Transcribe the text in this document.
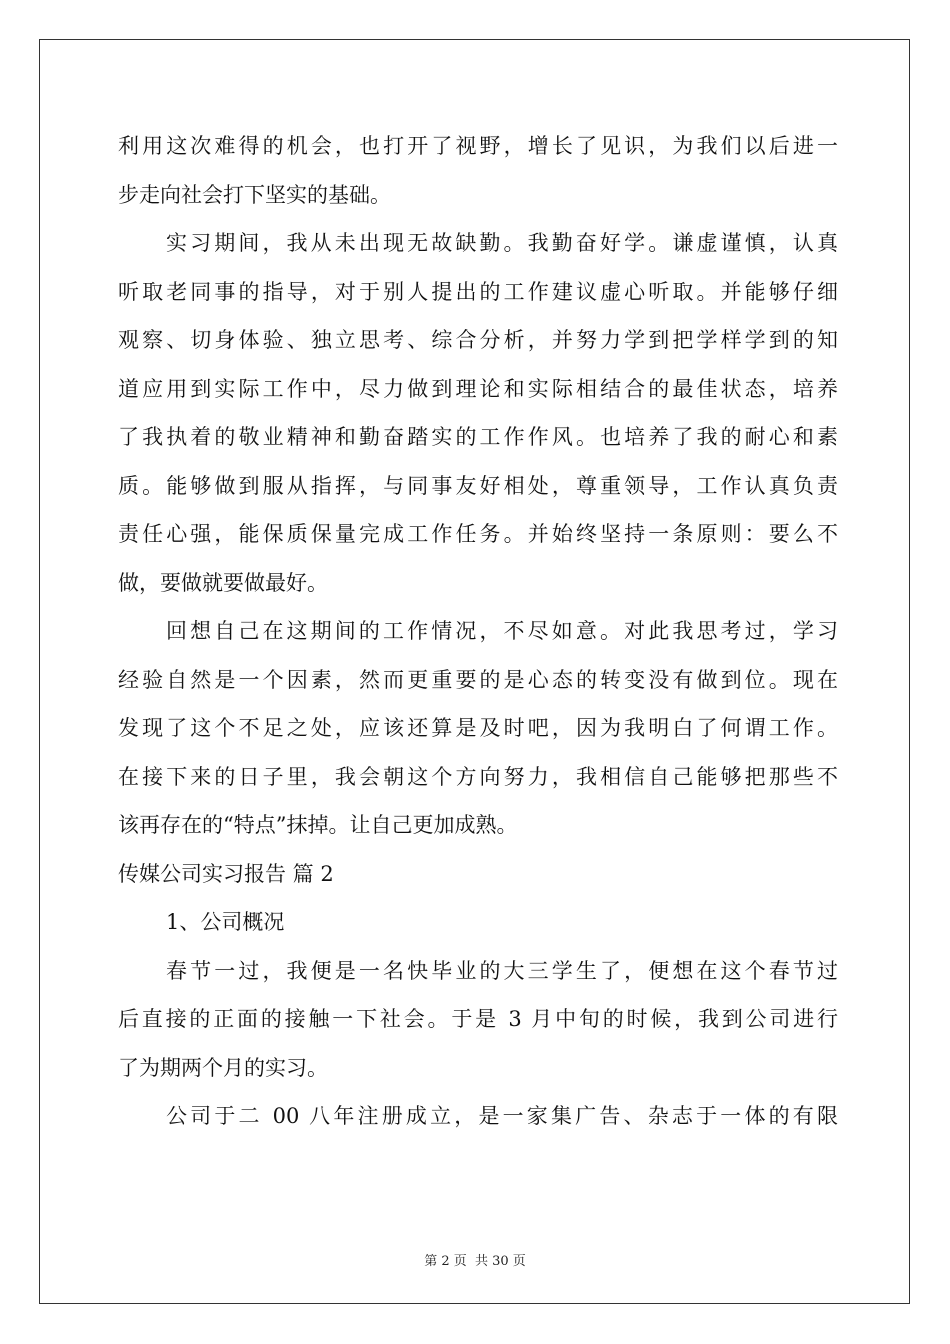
利用这次难得的机会，也打开了视野，增长了见识，为我们以后进一
步走向社会打下坚实的基础。
实习期间，我从未出现无故缺勤。我勤奋好学。谦虚谨慎，认真
听取老同事的指导，对于别人提出的工作建议虚心听取。并能够仔细
观察、切身体验、独立思考、综合分析，并努力学到把学样学到的知
道应用到实际工作中，尽力做到理论和实际相结合的最佳状态，培养
了我执着的敬业精神和勤奋踏实的工作作风。也培养了我的耐心和素
质。能够做到服从指挥，与同事友好相处，尊重领导，工作认真负责
责任心强，能保质保量完成工作任务。并始终坚持一条原则：要么不
做，要做就要做最好。
回想自己在这期间的工作情况，不尽如意。对此我思考过，学习
经验自然是一个因素，然而更重要的是心态的转变没有做到位。现在
发现了这个不足之处，应该还算是及时吧，因为我明白了何谓工作。
在接下来的日子里，我会朝这个方向努力，我相信自己能够把那些不
该再存在的“特点”抹掉。让自己更加成熟。
传媒公司实习报告 篇 2
1、公司概况
春节一过，我便是一名快毕业的大三学生了，便想在这个春节过
后直接的正面的接触一下社会。于是 3 月中旬的时候，我到公司进行
了为期两个月的实习。
公司于二 00 八年注册成立，是一家集广告、杂志于一体的有限
第 2 页 共 30 页
